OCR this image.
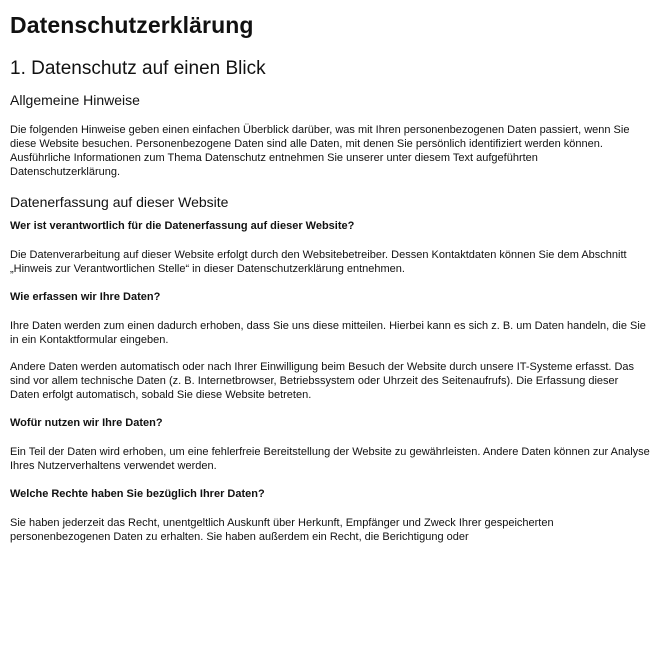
Datenschutzerklärung
1. Datenschutz auf einen Blick
Allgemeine Hinweise

Die folgenden Hinweise geben einen einfachen Überblick darüber, was mit Ihren personenbezogenen Daten passiert, wenn Sie diese Website besuchen. Personenbezogene Daten sind alle Daten, mit denen Sie persönlich identifiziert werden können. Ausführliche Informationen zum Thema Datenschutz entnehmen Sie unserer unter diesem Text aufgeführten Datenschutzerklärung.

Datenerfassung auf dieser Website
Wer ist verantwortlich für die Datenerfassung auf dieser Website?

Die Datenverarbeitung auf dieser Website erfolgt durch den Websitebetreiber. Dessen Kontaktdaten können Sie dem Abschnitt „Hinweis zur Verantwortlichen Stelle“ in dieser Datenschutzerklärung entnehmen.

Wie erfassen wir Ihre Daten?

Ihre Daten werden zum einen dadurch erhoben, dass Sie uns diese mitteilen. Hierbei kann es sich z. B. um Daten handeln, die Sie in ein Kontaktformular eingeben.

Andere Daten werden automatisch oder nach Ihrer Einwilligung beim Besuch der Website durch unsere IT-Systeme erfasst. Das sind vor allem technische Daten (z. B. Internetbrowser, Betriebssystem oder Uhrzeit des Seitenaufrufs). Die Erfassung dieser Daten erfolgt automatisch, sobald Sie diese Website betreten.

Wofür nutzen wir Ihre Daten?

Ein Teil der Daten wird erhoben, um eine fehlerfreie Bereitstellung der Website zu gewährleisten. Andere Daten können zur Analyse Ihres Nutzerverhaltens verwendet werden.

Welche Rechte haben Sie bezüglich Ihrer Daten?

Sie haben jederzeit das Recht, unentgeltlich Auskunft über Herkunft, Empfänger und Zweck Ihrer gespeicherten personenbezogenen Daten zu erhalten. Sie haben außerdem ein Recht, die Berichtigung oder
